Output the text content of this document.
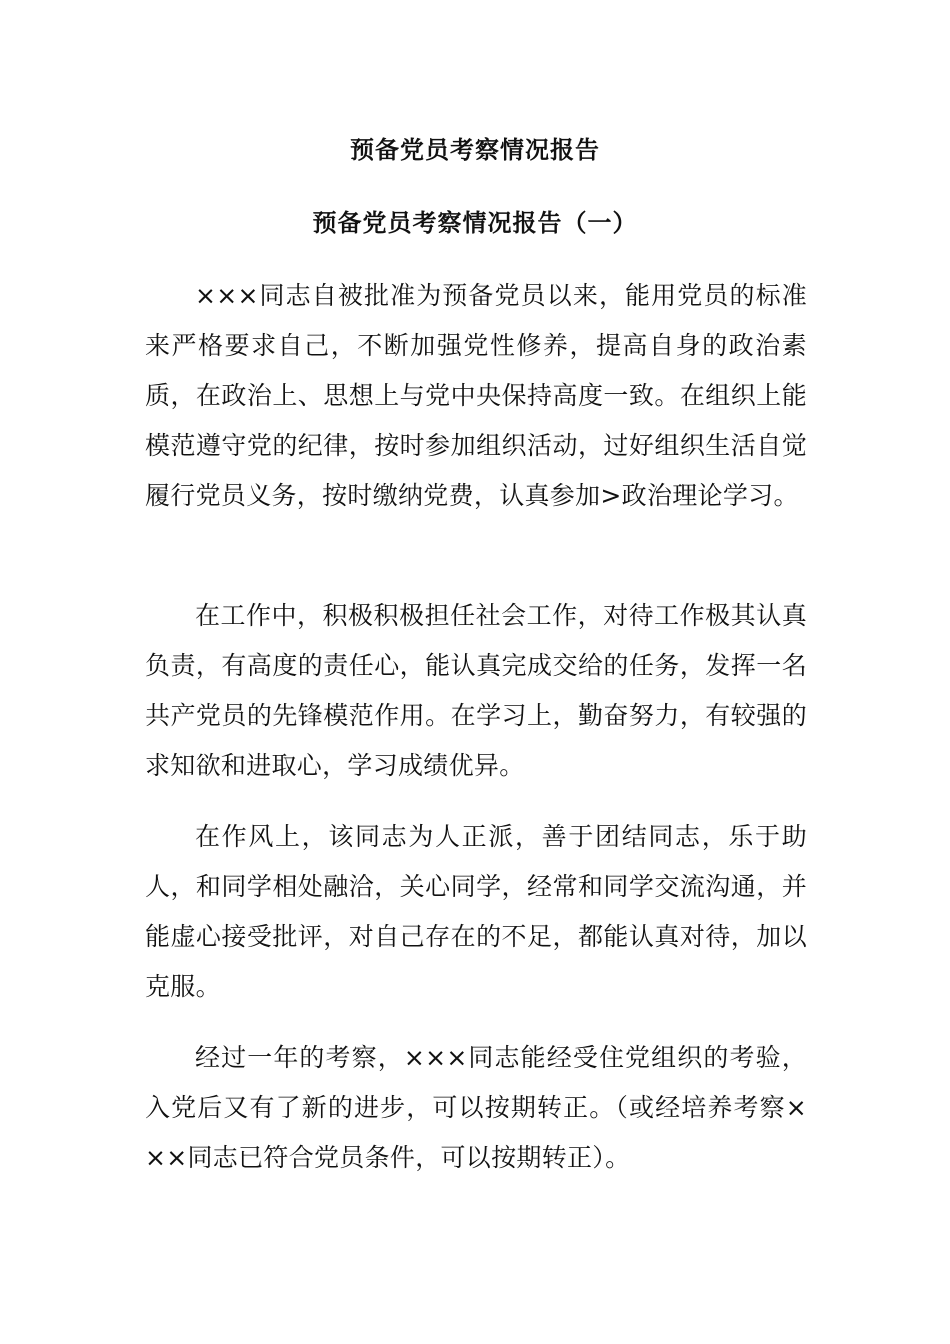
预备党员考察情况报告
预备党员考察情况报告（一）

×××同志自被批准为预备党员以来，能用党员的标准来严格要求自己，不断加强党性修养，提高自身的政治素质，在政治上、思想上与党中央保持高度一致。在组织上能模范遵守党的纪律，按时参加组织活动，过好组织生活自觉履行党员义务，按时缴纳党费，认真参加>政治理论学习。

在工作中，积极积极担任社会工作，对待工作极其认真负责，有高度的责任心，能认真完成交给的任务，发挥一名共产党员的先锋模范作用。在学习上，勤奋努力，有较强的求知欲和进取心，学习成绩优异。

在作风上，该同志为人正派，善于团结同志，乐于助人，和同学相处融洽，关心同学，经常和同学交流沟通，并能虚心接受批评，对自己存在的不足，都能认真对待，加以克服。

经过一年的考察，×××同志能经受住党组织的考验，入党后又有了新的进步，可以按期转正。（或经培养考察×××同志已符合党员条件，可以按期转正）。
